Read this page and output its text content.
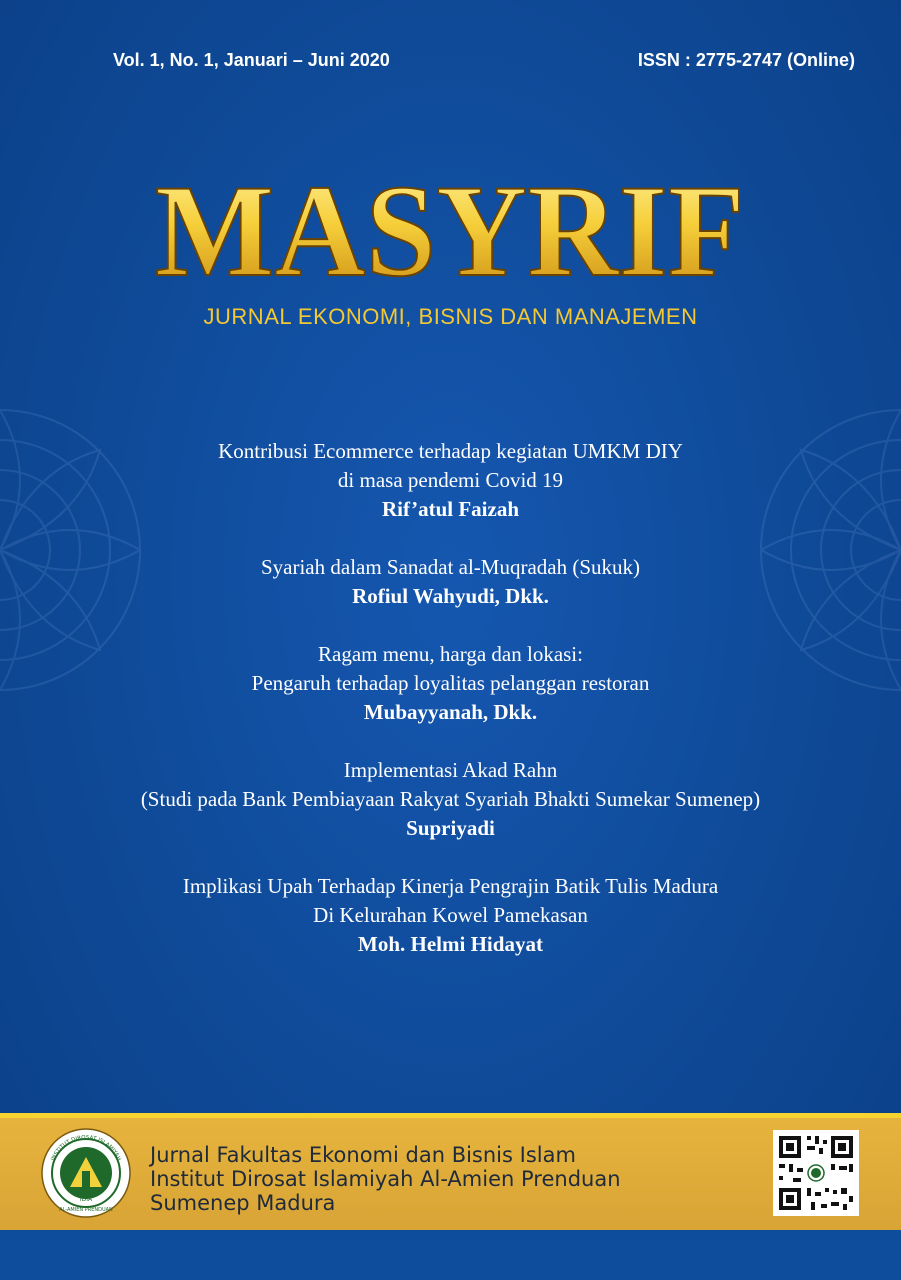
Vol. 1, No. 1, Januari – Juni 2020	ISSN : 2775-2747 (Online)
MASYRIF
JURNAL EKONOMI, BISNIS DAN MANAJEMEN
Kontribusi Ecommerce terhadap kegiatan UMKM DIY
di masa pendemi Covid 19
Rif’atul Faizah
Syariah dalam Sanadat al-Muqradah (Sukuk)
Rofiul Wahyudi, Dkk.
Ragam menu, harga dan lokasi:
Pengaruh terhadap loyalitas pelanggan restoran
Mubayyanah, Dkk.
Implementasi Akad Rahn
(Studi pada Bank Pembiayaan Rakyat Syariah Bhakti Sumekar Sumenep)
Supriyadi
Implikasi Upah Terhadap Kinerja Pengrajin Batik Tulis Madura
Di Kelurahan Kowel Pamekasan
Moh. Helmi Hidayat
IDIA
INSTITUT DIROSAT ISLAMIYAH
AL-AMIEN PRENDUAN
Jurnal Fakultas Ekonomi dan Bisnis Islam
Institut Dirosat Islamiyah Al-Amien Prenduan
Sumenep Madura
